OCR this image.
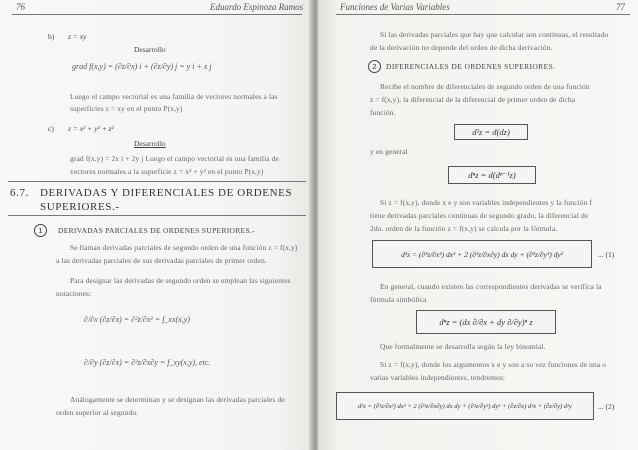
76	Eduardo Espinoza Ramos
b) z = xy
Desarrollo
grad f(x,y) = (∂z/∂x) i + (∂z/∂y) j = y i + x j
Luego el campo vectorial es una familia de vectores normales a las
superficies z = xy en el punto P(x,y)
c) z = x² + y² + z²
Desarrollo
grad f(x,y) = 2x i + 2y j Luego el campo vectorial es una familia de
vectores normales a la superficie z = x² + y² en el punto P(x,y)
6.7. DERIVADAS Y DIFERENCIALES DE ORDENES
SUPERIORES.-
1	DERIVADAS PARCIALES DE ORDENES SUPERIORES.-
Se llaman derivadas parciales de segundo orden de una función z = f(x,y)
a las derivadas parciales de sus derivadas parciales de primer orden.
Para designar las derivadas de segundo orden se emplean las siguientes
notaciones:
∂/∂x (∂z/∂x) = ∂²z/∂x² = f_xx(x,y)
∂/∂y (∂z/∂x) = ∂²z/∂x∂y = f_xy(x,y), etc.
Análogamente se determinan y se designan las derivadas parciales de
orden superior al segundo.
Funciones de Varias Variables	77
Si las derivadas parciales que hay que calcular son continuas, el resultado
de la derivación no depende del orden de dicha derivación.
2	DIFERENCIALES DE ORDENES SUPERIORES.
Recibe el nombre de diferenciales de segundo orden de una función
z = f(x,y), la diferencial de la diferencial de primer orden de dicha
función.
d²z = d(dz)
y en general
dⁿz = d(dⁿ⁻¹z)
Si z = f(x,y), donde x e y son variables independientes y la función f
tiene derivadas parciales continuas de segundo grado, la diferencial de
2do. orden de la función z = f(x,y) se calcula por la fórmula.
d²z = (∂²z/∂x²) dx² + 2 (∂²z/∂x∂y) dx dy + (∂²z/∂y²) dy²	... (1)
En general, cuando existen las correspondientes derivadas se verifica la
fórmula simbólica
dⁿz = (dx ∂/∂x + dy ∂/∂y)ⁿ z
Que formalmente se desarrolla según la ley binomial.
Si z = f(x,y), donde los argumentos x e y son a su vez funciones de una o
varias variables independientes, tendremos:
d²z = (∂²z/∂x²) dx² + 2 (∂²z/∂x∂y) dx dy + (∂²z/∂y²) dy² + (∂z/∂x) d²x + (∂z/∂y) d²y	... (2)
